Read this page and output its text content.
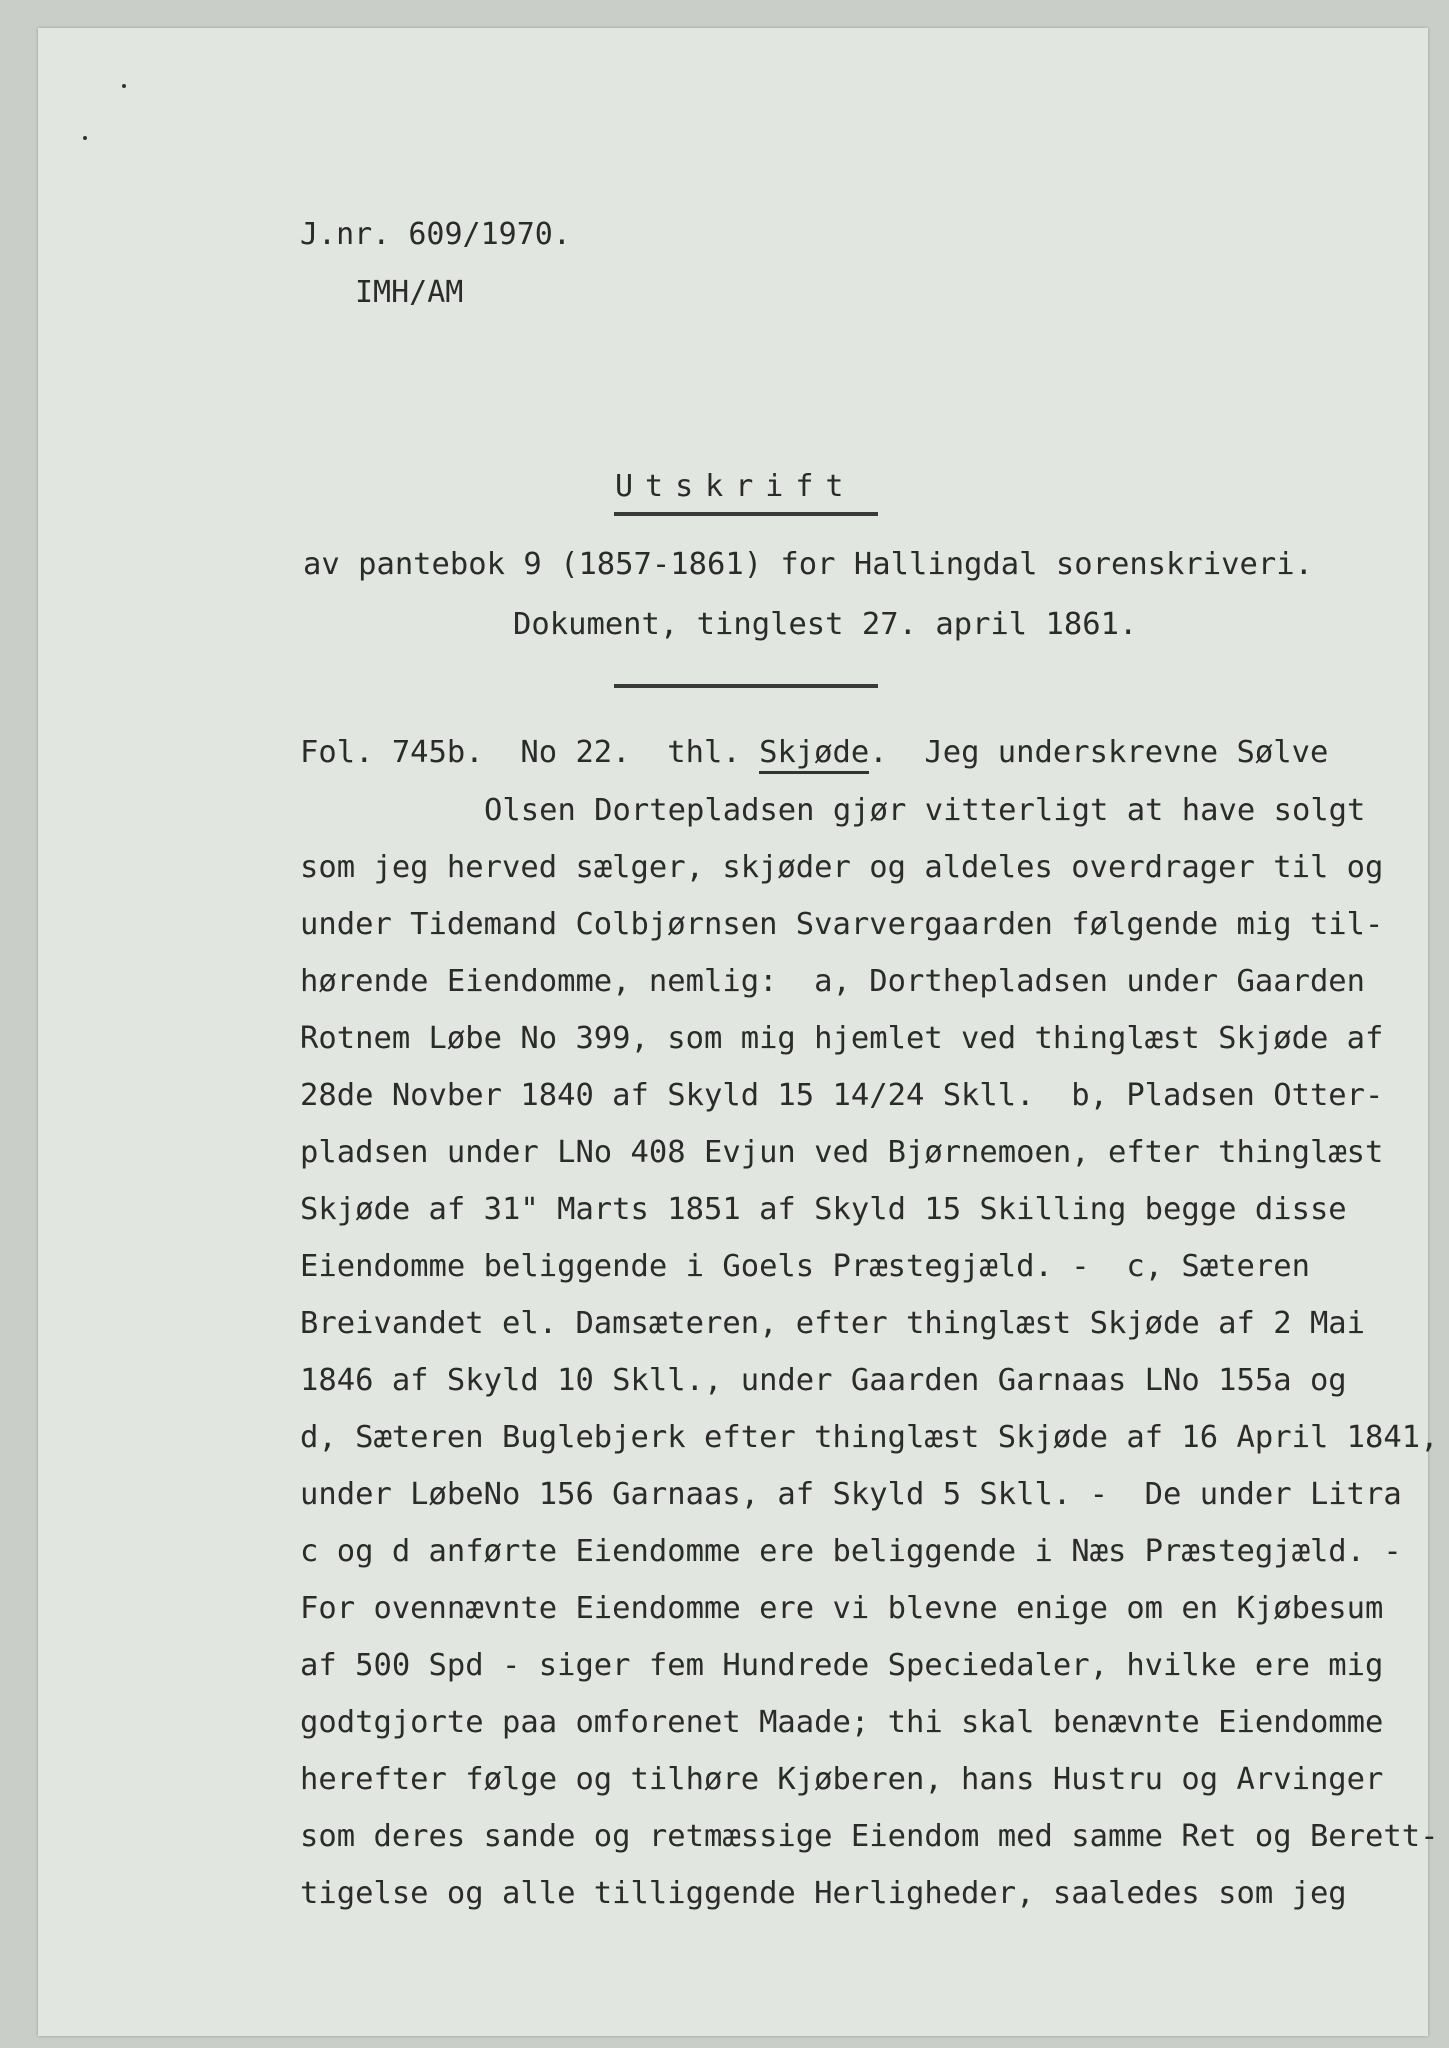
J.nr. 609/1970.
IMH/AM
Utskrift
av pantebok 9 (1857-1861) for Hallingdal sorenskriveri.
Dokument, tinglest 27. april 1861.
Fol. 745b.  No 22.  thl. Skjøde.  Jeg underskrevne Sølve
Olsen Dortepladsen gjør vitterligt at have solgt
som jeg herved sælger, skjøder og aldeles overdrager til og
under Tidemand Colbjørnsen Svarvergaarden følgende mig til-
hørende Eiendomme, nemlig:  a, Dorthepladsen under Gaarden
Rotnem Løbe No 399, som mig hjemlet ved thinglæst Skjøde af
28de Novber 1840 af Skyld 15 14/24 Skll.  b, Pladsen Otter-
pladsen under LNo 408 Evjun ved Bjørnemoen, efter thinglæst
Skjøde af 31" Marts 1851 af Skyld 15 Skilling begge disse
Eiendomme beliggende i Goels Præstegjæld. -  c, Sæteren
Breivandet el. Damsæteren, efter thinglæst Skjøde af 2 Mai
1846 af Skyld 10 Skll., under Gaarden Garnaas LNo 155a og
d, Sæteren Buglebjerk efter thinglæst Skjøde af 16 April 1841,
under LøbeNo 156 Garnaas, af Skyld 5 Skll. -  De under Litra
c og d anførte Eiendomme ere beliggende i Næs Præstegjæld. -
For ovennævnte Eiendomme ere vi blevne enige om en Kjøbesum
af 500 Spd - siger fem Hundrede Speciedaler, hvilke ere mig
godtgjorte paa omforenet Maade; thi skal benævnte Eiendomme
herefter følge og tilhøre Kjøberen, hans Hustru og Arvinger
som deres sande og retmæssige Eiendom med samme Ret og Berett-
tigelse og alle tilliggende Herligheder, saaledes som jeg
